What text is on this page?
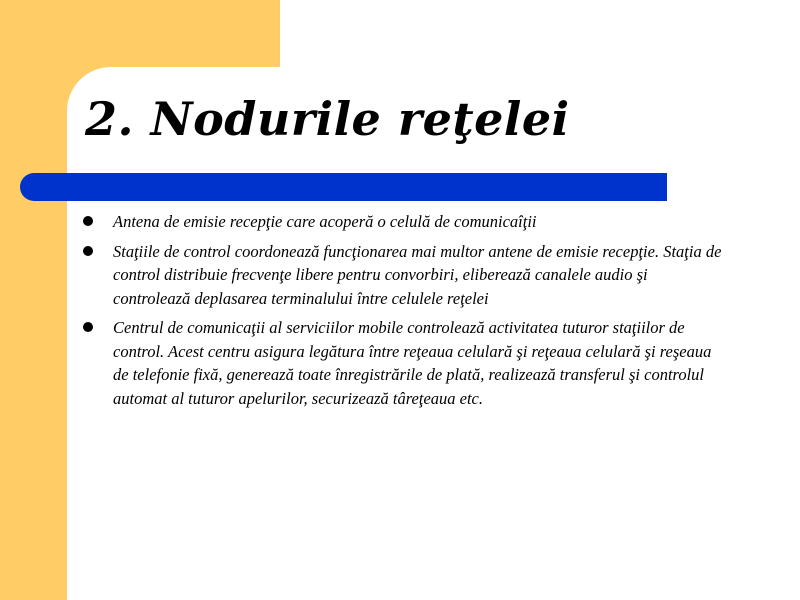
2. Nodurile reţelei
Antena de emisie recepţie care acoperă o celulă de comunicaîţii
Staţiile de control coordonează funcţionarea mai multor antene de emisie recepţie. Staţia de control distribuie frecvenţe libere pentru convorbiri, eliberează canalele audio şi controlează deplasarea terminalului între celulele reţelei
Centrul de comunicaţii al serviciilor mobile controlează activitatea tuturor staţiilor de control. Acest centru asigura legătura între reţeaua celulară şi reţeaua celulară şi reşeaua de telefonie fixă, generează toate înregistrările de plată, realizează transferul şi controlul automat al tuturor apelurilor, securizează târeţeaua etc.
